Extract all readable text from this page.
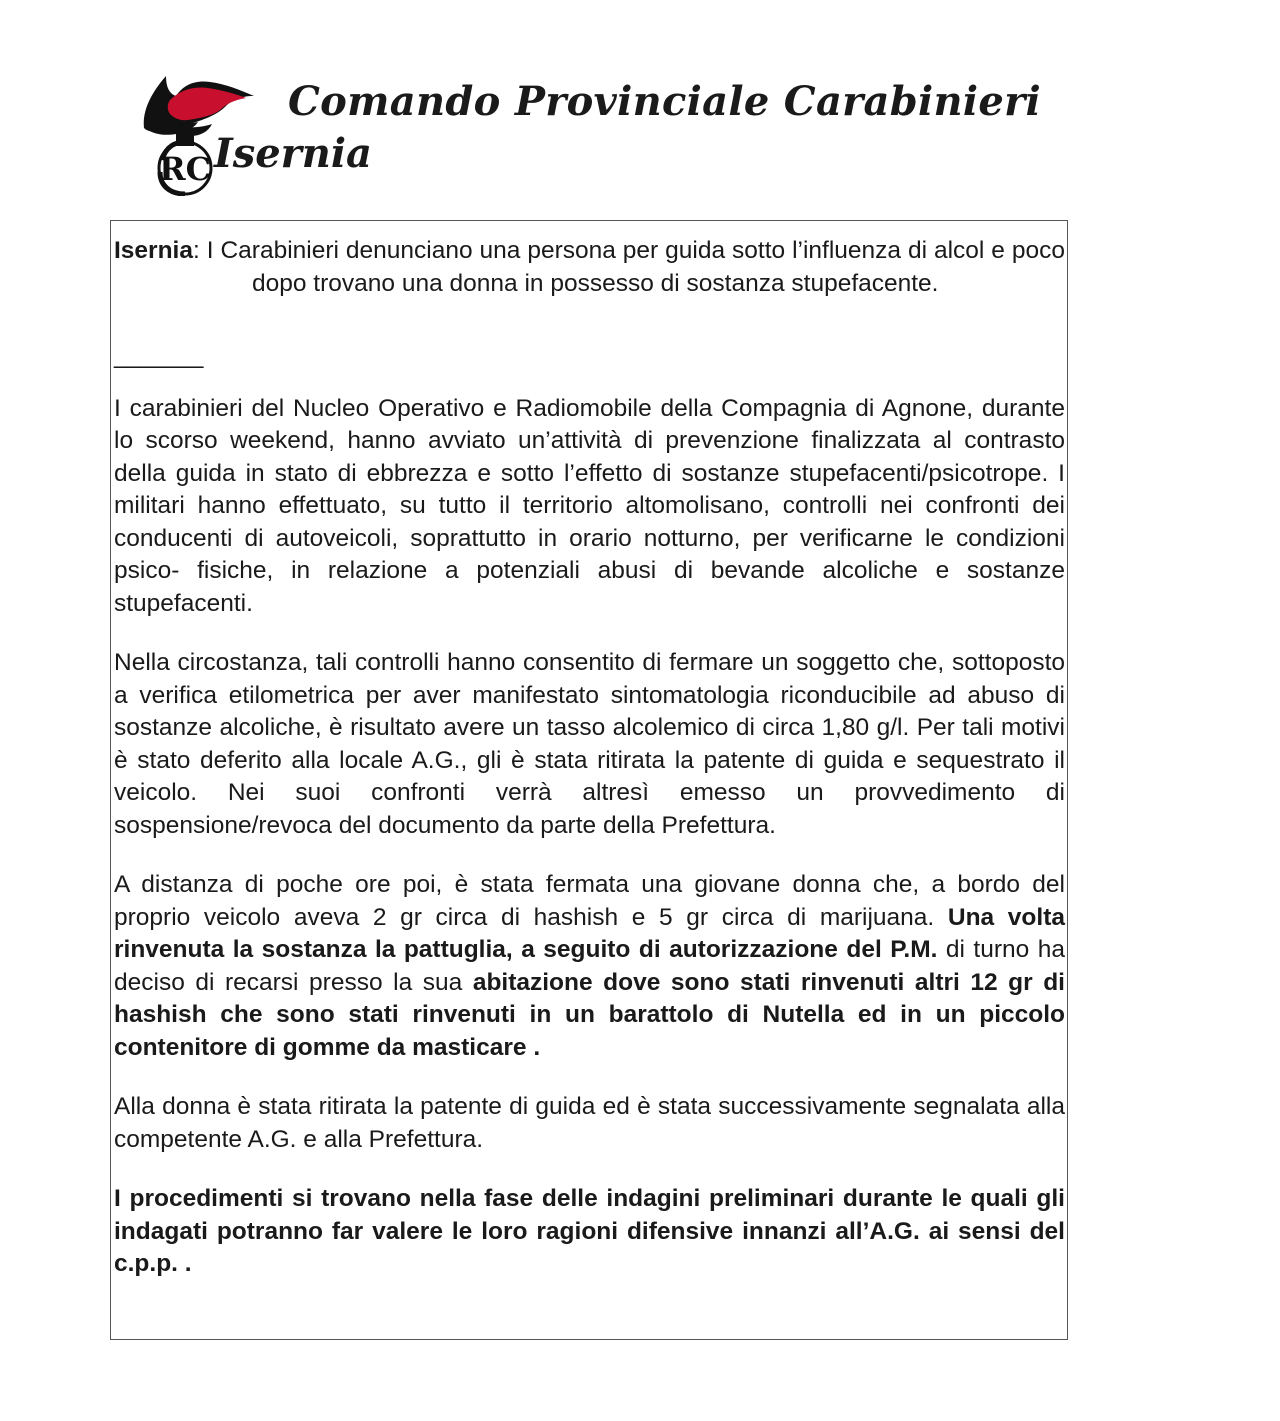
RC
Comando Provinciale Carabinieri
Isernia

Isernia: I Carabinieri denunciano una persona per guida sotto l’influenza di alcol e poco dopo trovano una donna in possesso di sostanza stupefacente.

_______

I carabinieri del Nucleo Operativo e Radiomobile della Compagnia di Agnone, durante lo scorso weekend, hanno avviato un’attività di prevenzione finalizzata al contrasto della guida in stato di ebbrezza e sotto l’effetto di sostanze stupefacenti/psicotrope. I militari hanno effettuato, su tutto il territorio altomolisano, controlli nei confronti dei conducenti di autoveicoli, soprattutto in orario notturno, per verificarne le condizioni psico- fisiche, in relazione a potenziali abusi di bevande alcoliche e sostanze stupefacenti.

Nella circostanza, tali controlli hanno consentito di fermare un soggetto che, sottoposto a verifica etilometrica per aver manifestato sintomatologia riconducibile ad abuso di sostanze alcoliche, è risultato avere un tasso alcolemico di circa 1,80 g/l. Per tali motivi è stato deferito alla locale A.G., gli è stata ritirata la patente di guida e sequestrato il veicolo. Nei suoi confronti verrà altresì emesso un provvedimento di sospensione/revoca del documento da parte della Prefettura.

A distanza di poche ore poi, è stata fermata una giovane donna che, a bordo del proprio veicolo aveva 2 gr circa di hashish e 5 gr circa di marijuana. Una volta rinvenuta la sostanza la pattuglia, a seguito di autorizzazione del P.M. di turno ha deciso di recarsi presso la sua abitazione dove sono stati rinvenuti altri 12 gr di hashish che sono stati rinvenuti in un barattolo di Nutella ed in un piccolo contenitore di gomme da masticare .

Alla donna è stata ritirata la patente di guida ed è stata successivamente segnalata alla competente A.G. e alla Prefettura.

I procedimenti si trovano nella fase delle indagini preliminari durante le quali gli indagati potranno far valere le loro ragioni difensive innanzi all’A.G. ai sensi del c.p.p. .
